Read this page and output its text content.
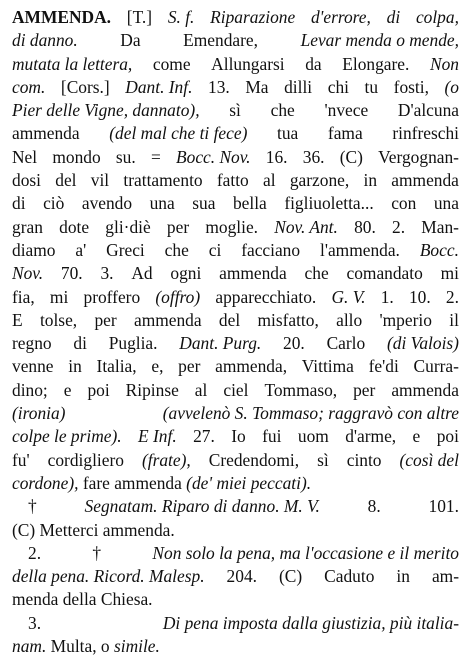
AMMENDA. [T.] S. f. Riparazione d'errore, di colpa,
di danno. Da Emendare, Levar menda o mende,
mutata la lettera, come Allungarsi da Elongare. Non
com. [Cors.] Dant. Inf. 13. Ma dilli chi tu fosti, (o
Pier delle Vigne, dannato), sì che 'nvece D'alcuna
ammenda (del mal che ti fece) tua fama rinfreschi
Nel mondo su. = Bocc. Nov. 16. 36. (C) Vergognan-
dosi del vil trattamento fatto al garzone, in ammenda
di ciò avendo una sua bella figliuoletta... con una
gran dote gli·diè per moglie. Nov. Ant. 80. 2. Man-
diamo a' Greci che ci facciano l'ammenda. Bocc.
Nov. 70. 3. Ad ogni ammenda che comandato mi
fia, mi proffero (offro) apparecchiato. G. V. 1. 10. 2.
E tolse, per ammenda del misfatto, allo 'mperio il
regno di Puglia. Dant. Purg. 20. Carlo (di Valois)
venne in Italia, e, per ammenda, Vittima fe'di Curra-
dino; e poi Ripinse al ciel Tommaso, per ammenda
(ironia)	(avvelenò S. Tommaso; raggravò con altre
colpe le prime). E Inf. 27. Io fui uom d'arme, e poi
fu' cordigliero (frate), Credendomi, sì cinto (così del
cordone), fare ammenda (de' miei peccati).
†	Segnatam. Riparo di danno. M. V.	8.	101.
(C) Metterci ammenda.
2.	†	Non solo la pena, ma l'occasione e il merito
della pena. Ricord. Malesp. 204. (C) Caduto in am-
menda della Chiesa.
3.	Di pena imposta dalla giustizia, più italia-
nam. Multa, o simile.
